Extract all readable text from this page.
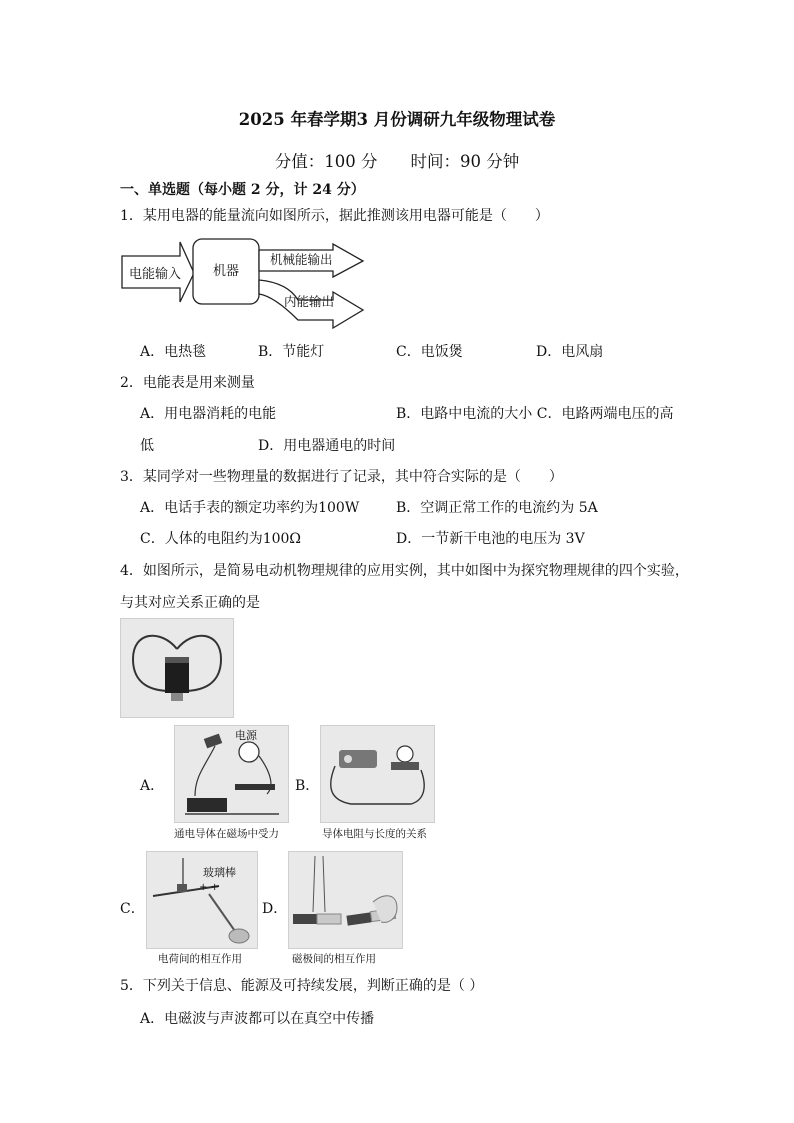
2025 年春学期3 月份调研九年级物理试卷
分值：100 分　　时间：90 分钟
一、单选题（每小题 2 分，计 24 分）
1．某用电器的能量流向如图所示，据此推测该用电器可能是（　　）
电能输入 机器
机械能输出
内能输出
A．电热毯	B．节能灯	C．电饭煲	D．电风扇
2．电能表是用来测量
A．用电器消耗的电能	B．电路中电流的大小 C．电路两端电压的高
低	D．用电器通电的时间
3．某同学对一些物理量的数据进行了记录，其中符合实际的是（　　）
A．电话手表的额定功率约为100W	B．空调正常工作的电流约为 5A
C．人体的电阻约为100Ω	D．一节新干电池的电压为 3V
4．如图所示，是简易电动机物理规律的应用实例，其中如图中为探究物理规律的四个实验，
与其对应关系正确的是
A．
电源
通电导体在磁场中受力
B．
导体电阻与长度的关系
C．
玻璃棒
+ +
电荷间的相互作用
D．
磁极间的相互作用
5．下列关于信息、能源及可持续发展，判断正确的是（ ）
A．电磁波与声波都可以在真空中传播
